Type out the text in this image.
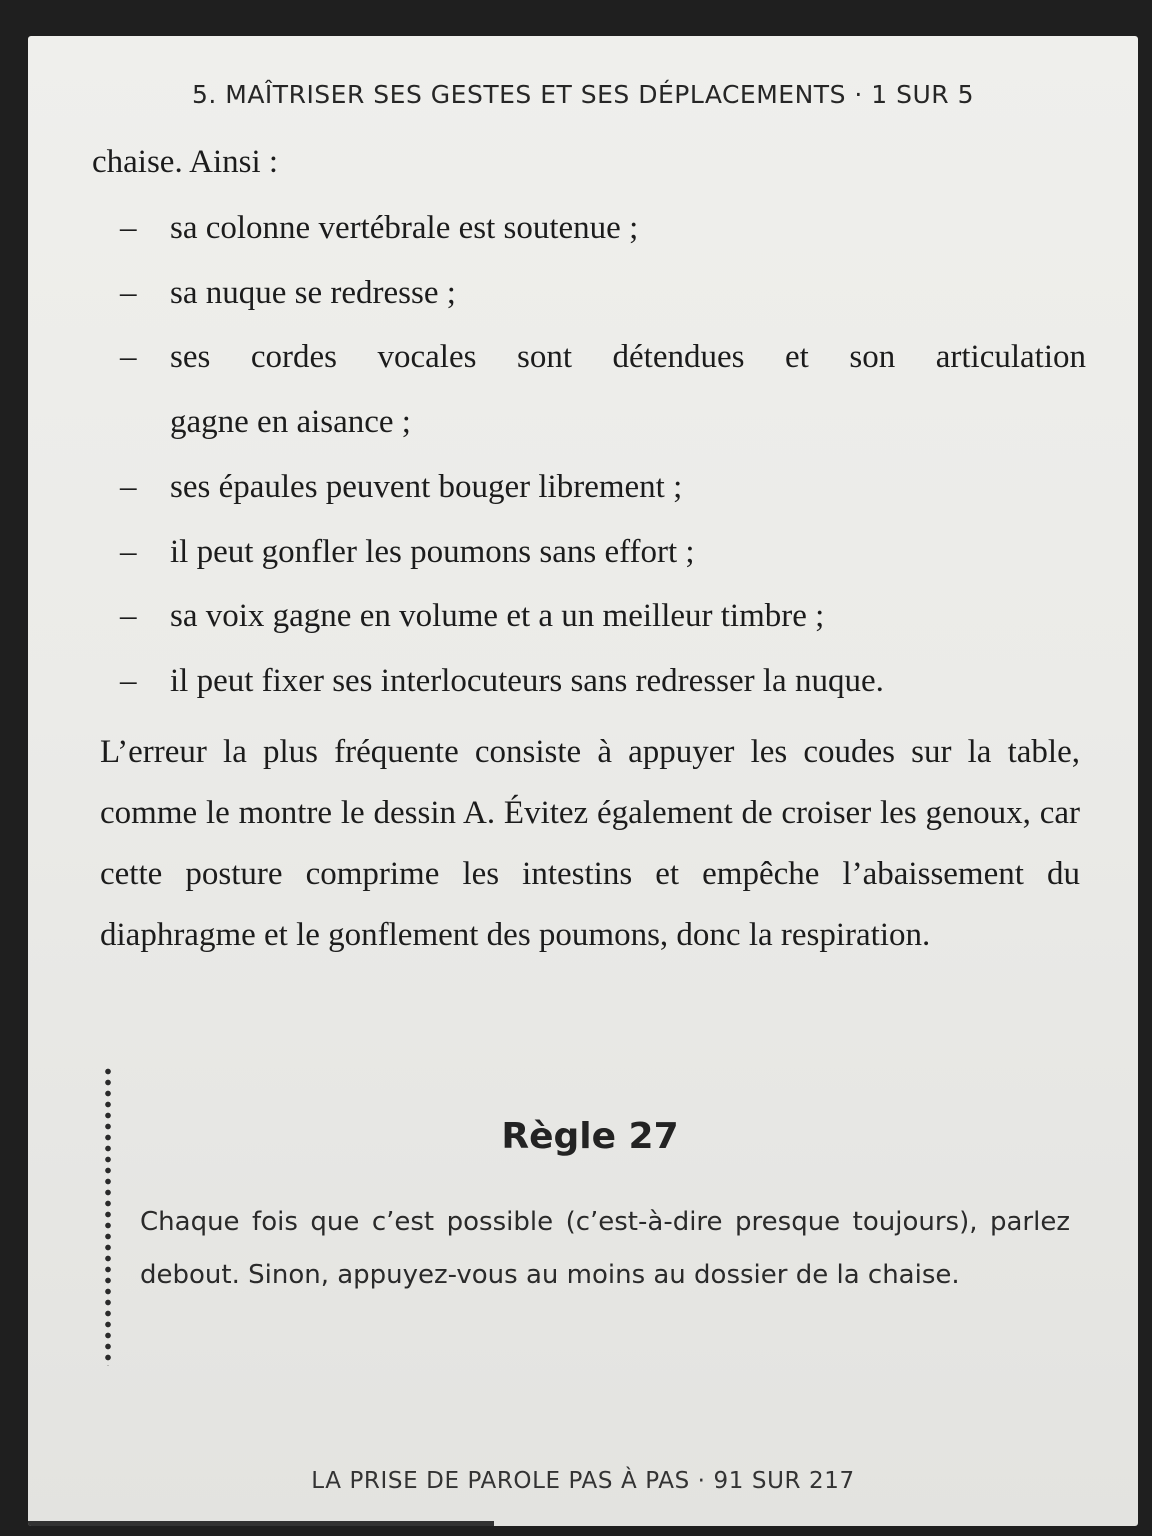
5. MAÎTRISER SES GESTES ET SES DÉPLACEMENTS · 1 SUR 5
chaise. Ainsi :
–	sa colonne vertébrale est soutenue ;
–	sa nuque se redresse ;
–	ses cordes vocales sont détendues et son articulation
gagne en aisance ;
–	ses épaules peuvent bouger librement ;
–	il peut gonfler les poumons sans effort ;
–	sa voix gagne en volume et a un meilleur timbre ;
–	il peut fixer ses interlocuteurs sans redresser la nuque.
L’erreur la plus fréquente consiste à appuyer les coudes sur la table, comme le montre le dessin A. Évitez également de croiser les genoux, car cette posture comprime les intestins et empêche l’abaissement du diaphragme et le gonflement des poumons, donc la respiration.
Règle 27
Chaque fois que c’est possible (c’est-à-dire presque toujours), parlez debout. Sinon, appuyez-vous au moins au dossier de la chaise.
LA PRISE DE PAROLE PAS À PAS · 91 SUR 217
